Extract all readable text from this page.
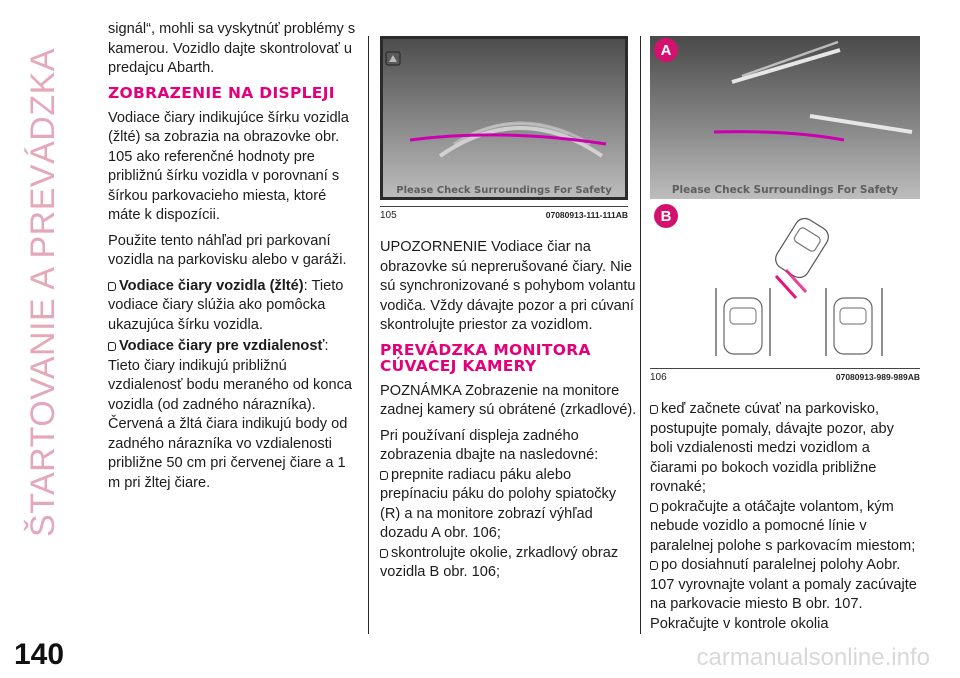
ŠTARTOVANIE A PREVÁDZKA

signál“, mohli sa vyskytnúť problémy s kamerou. Vozidlo dajte skontrolovať u predajcu Abarth.

ZOBRAZENIE NA DISPLEJI

Vodiace čiary indikujúce šírku vozidla (žlté) sa zobrazia na obrazovke obr. 105 ako referenčné hodnoty pre približnú šírku vozidla v porovnaní s šírkou parkovacieho miesta, ktoré máte k dispozícii.

Použite tento náhľad pri parkovaní vozidla na parkovisku alebo v garáži.

Vodiace čiary vozidla (žlté): Tieto vodiace čiary slúžia ako pomôcka ukazujúca šírku vozidla.

Vodiace čiary pre vzdialenosť: Tieto čiary indikujú približnú vzdialenosť bodu meraného od konca vozidla (od zadného nárazníka). Červená a žltá čiara indikujú body od zadného nárazníka vo vzdialenosti približne 50 cm pri červenej čiare a 1 m pri žltej čiare.

Please Check Surroundings For Safety
105	07080913-111-111AB

UPOZORNENIE Vodiace čiar na obrazovke sú neprerušované čiary. Nie sú synchronizované s pohybom volantu vodiča. Vždy dávajte pozor a pri cúvaní skontrolujte priestor za vozidlom.

PREVÁDZKA MONITORA CÚVACEJ KAMERY

POZNÁMKA Zobrazenie na monitore zadnej kamery sú obrátené (zrkadlové).

Pri používaní displeja zadného zobrazenia dbajte na nasledovné:

prepnite radiacu páku alebo prepínaciu páku do polohy spiatočky (R) a na monitore zobrazí výhľad dozadu A obr. 106;

skontrolujte okolie, zrkadlový obraz vozidla B obr. 106;

Please Check Surroundings For Safety
A
B
106	07080913-989-989AB

keď začnete cúvať na parkovisko, postupujte pomaly, dávajte pozor, aby boli vzdialenosti medzi vozidlom a čiarami po bokoch vozidla približne rovnaké;

pokračujte a otáčajte volantom, kým nebude vozidlo a pomocné línie v paralelnej polohe s parkovacím miestom;

po dosiahnutí paralelnej polohy Aobr. 107 vyrovnajte volant a pomaly zacúvajte na parkovacie miesto B obr. 107. Pokračujte v kontrole okolia

140	carmanualsonline.info
